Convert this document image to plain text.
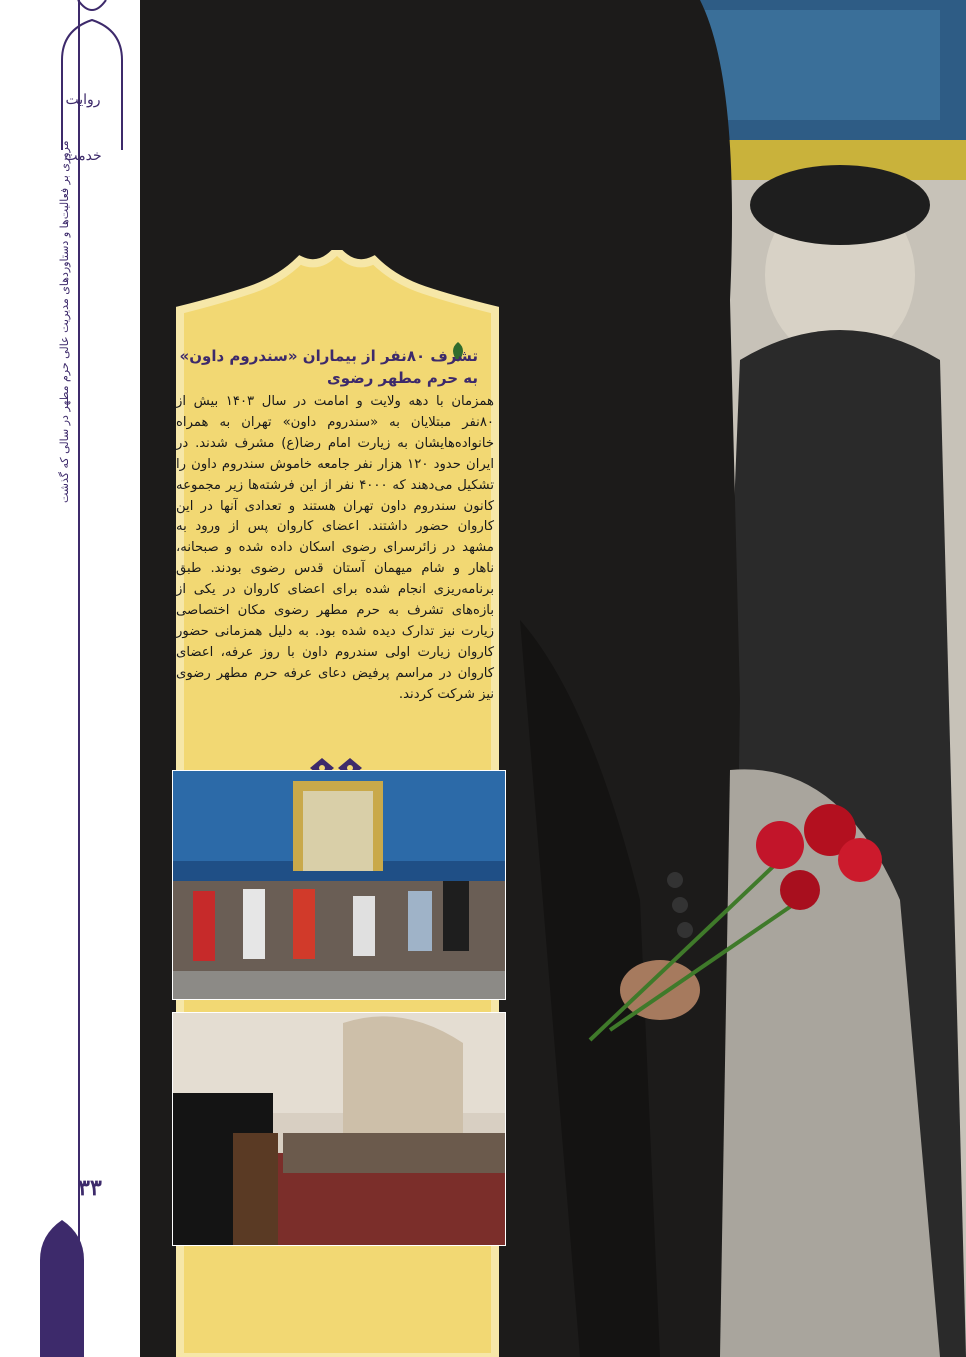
روایت خدمت
مروری بر فعالیت‌ها و دستاوردهای مدیریت عالی حرم مطهر در سالی که گذشت
۳۳
تشرف ۸۰نفر از بیماران «سندروم داون» به حرم مطهر رضوی
همزمان با دهه ولایت و امامت در سال ۱۴۰۳ بیش از ۸۰نفر مبتلایان به «سندروم داون» تهران به همراه خانواده‌هایشان به زیارت امام رضا(ع) مشرف شدند. در ایران حدود ۱۲۰ هزار نفر جامعه خاموش سندروم داون را تشکیل می‌دهند که ۴۰۰۰ نفر از این فرشته‌ها زیر مجموعه کانون سندروم داون تهران هستند و تعدادی آنها در این کاروان حضور داشتند. اعضای کاروان پس از ورود به مشهد در زائرسرای رضوی اسکان داده شده و صبحانه، ناهار و شام میهمان آستان قدس رضوی بودند. طبق برنامه‌ریزی انجام شده برای اعضای کاروان در یکی از بازه‌های تشرف به حرم مطهر رضوی مکان اختصاصی زیارت نیز تدارک دیده شده بود. به دلیل همزمانی حضور کاروان زیارت اولی سندروم داون با روز عرفه، اعضای کاروان در مراسم پرفیض دعای عرفه حرم مطهر رضوی نیز شرکت کردند.
